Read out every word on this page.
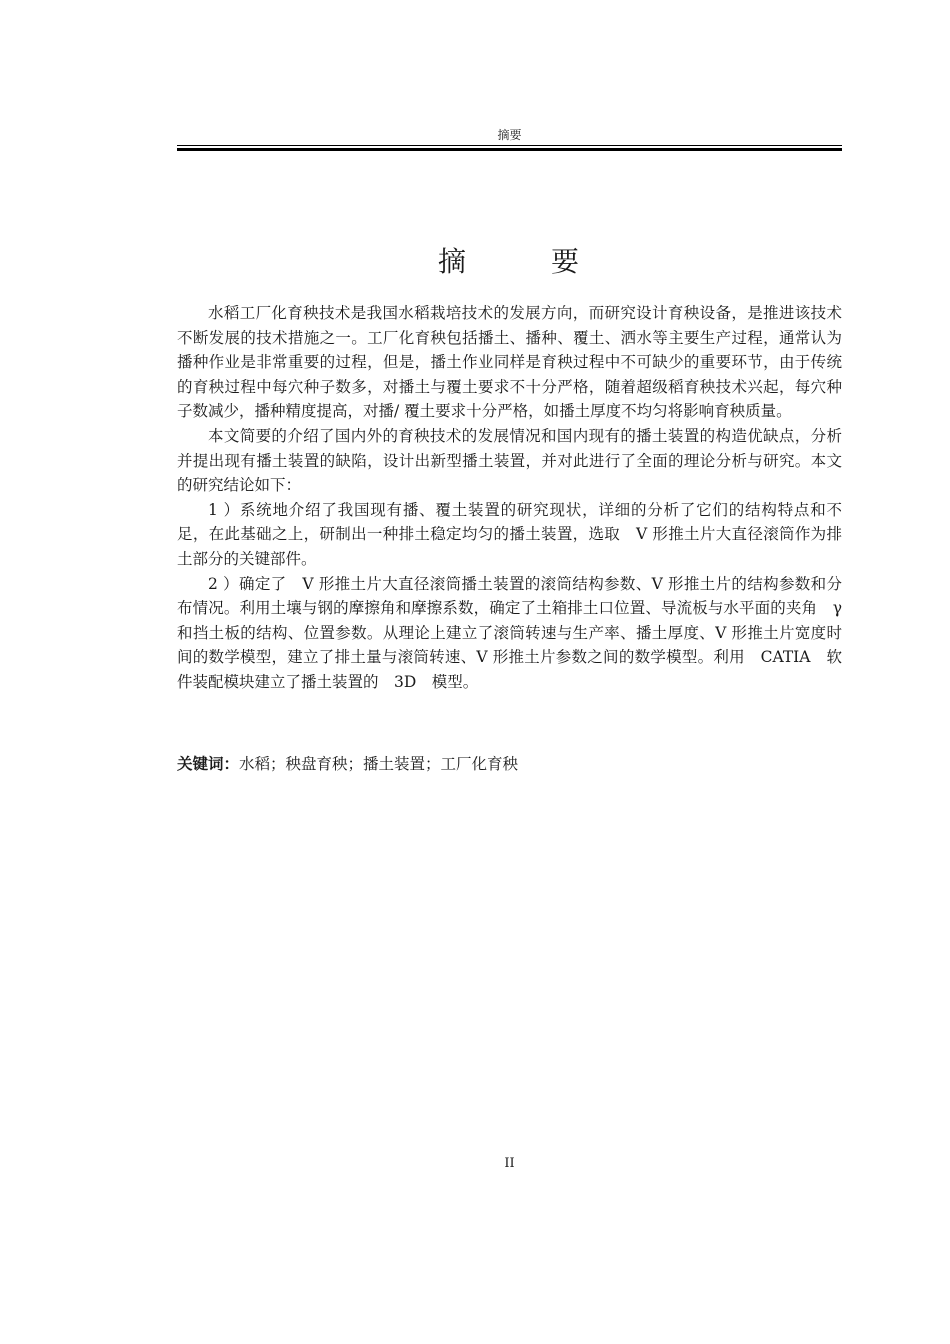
摘要
摘 要

水稻工厂化育秧技术是我国水稻栽培技术的发展方向，而研究设计育秧设备，是推进该技术不断发展的技术措施之一。工厂化育秧包括播土、播种、覆土、洒水等主要生产过程，通常认为播种作业是非常重要的过程，但是，播土作业同样是育秧过程中不可缺少的重要环节，由于传统的育秧过程中每穴种子数多，对播土与覆土要求不十分严格，随着超级稻育秧技术兴起，每穴种子数减少，播种精度提高，对播/ 覆土要求十分严格，如播土厚度不均匀将影响育秧质量。

本文简要的介绍了国内外的育秧技术的发展情况和国内现有的播土装置的构造优缺点，分析并提出现有播土装置的缺陷，设计出新型播土装置，并对此进行了全面的理论分析与研究。本文的研究结论如下：

1 ）系统地介绍了我国现有播、覆土装置的研究现状，详细的分析了它们的结构特点和不足，在此基础之上，研制出一种排土稳定均匀的播土装置，选取　V 形推土片大直径滚筒作为排土部分的关键部件。

2 ）确定了　V 形推土片大直径滚筒播土装置的滚筒结构参数、V 形推土片的结构参数和分布情况。利用土壤与钢的摩擦角和摩擦系数，确定了土箱排土口位置、导流板与水平面的夹角　γ　和挡土板的结构、位置参数。从理论上建立了滚筒转速与生产率、播土厚度、V 形推土片宽度时间的数学模型，建立了排土量与滚筒转速、V 形推土片参数之间的数学模型。利用　CATIA　软件装配模块建立了播土装置的　3D　模型。

关键词：水稻；秧盘育秧；播土装置；工厂化育秧
II
